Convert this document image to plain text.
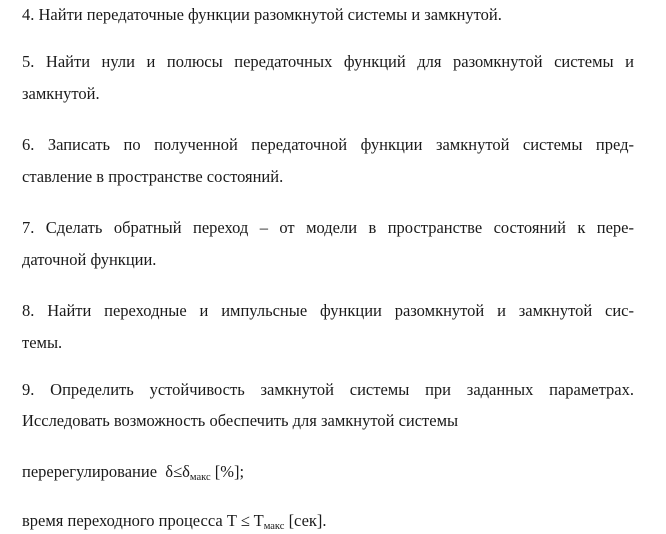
4. Найти передаточные функции разомкнутой системы и замкнутой.
5. Найти нули и полюсы передаточных функций для разомкнутой системы и
замкнутой.
6. Записать по полученной передаточной функции замкнутой системы пред-
ставление в пространстве состояний.
7. Сделать обратный переход – от модели в пространстве состояний к пере-
даточной функции.
8. Найти переходные и импульсные функции разомкнутой и замкнутой сис-
темы.
9. Определить устойчивость замкнутой системы при заданных параметрах.
Исследовать возможность обеспечить для замкнутой системы
перерегулирование $\delta\le\delta_{макс}$ [%];
время переходного процесса $T \le T_{макс}$ [сек].
